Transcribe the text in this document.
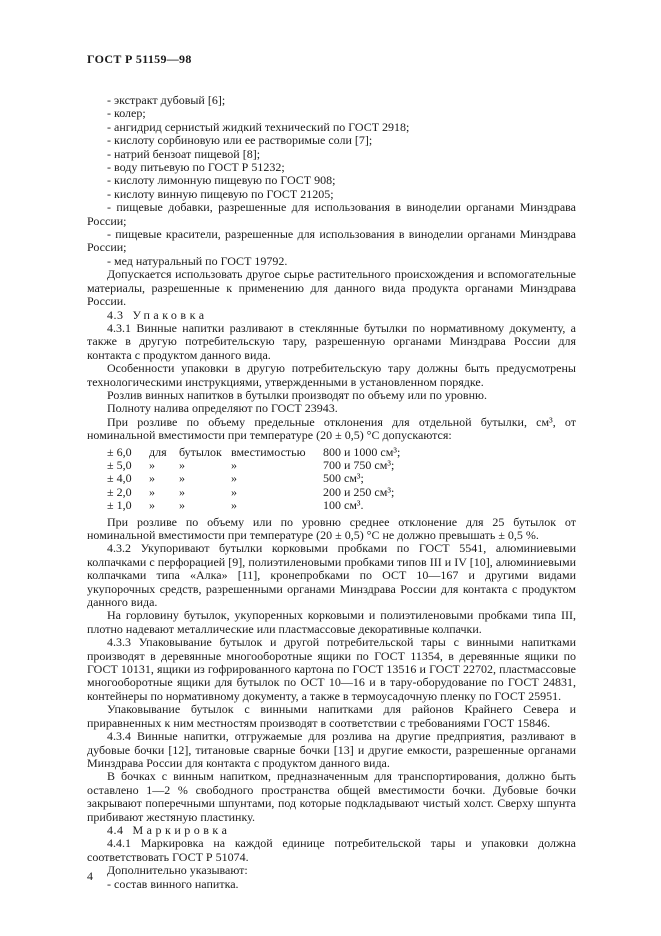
ГОСТ Р 51159—98

- экстракт дубовый [6];

- колер;

- ангидрид сернистый жидкий технический по ГОСТ 2918;

- кислоту сорбиновую или ее растворимые соли [7];

- натрий бензоат пищевой [8];

- воду питьевую по ГОСТ Р 51232;

- кислоту лимонную пищевую по ГОСТ 908;

- кислоту винную пищевую по ГОСТ 21205;

- пищевые добавки, разрешенные для использования в виноделии органами Минздрава России;

- пищевые красители, разрешенные для использования в виноделии органами Минздрава России;

- мед натуральный по ГОСТ 19792.

Допускается использовать другое сырье растительного происхождения и вспомогательные материалы, разрешенные к применению для данного вида продукта органами Минздрава России.

4.3 Упаковка

4.3.1 Винные напитки разливают в стеклянные бутылки по нормативному документу, а также в другую потребительскую тару, разрешенную органами Минздрава России для контакта с продуктом данного вида.

Особенности упаковки в другую потребительскую тару должны быть предусмотрены технологическими инструкциями, утвержденными в установленном порядке.

Розлив винных напитков в бутылки производят по объему или по уровню.

Полноту налива определяют по ГОСТ 23943.

При розливе по объему предельные отклонения для отдельной бутылки, см³, от номинальной вместимости при температуре (20 ± 0,5) °С допускаются:

± 6,0	для	бутылок вместимостью	800 и 1000 см³;
± 5,0	»	»	»	700 и 750 см³;
± 4,0	»	»	»	500 см³;
± 2,0	»	»	»	200 и 250 см³;
± 1,0	»	»	»	100 см³.

При розливе по объему или по уровню среднее отклонение для 25 бутылок от номинальной вместимости при температуре (20 ± 0,5) °С не должно превышать ± 0,5 %.

4.3.2 Укупоривают бутылки корковыми пробками по ГОСТ 5541, алюминиевыми колпачками с перфорацией [9], полиэтиленовыми пробками типов III и IV [10], алюминиевыми колпачками типа «Алка» [11], кронепробками по ОСТ 10—167 и другими видами укупорочных средств, разрешенными органами Минздрава России для контакта с продуктом данного вида.

На горловину бутылок, укупоренных корковыми и полиэтиленовыми пробками типа III, плотно надевают металлические или пластмассовые декоративные колпачки.

4.3.3 Упаковывание бутылок и другой потребительской тары с винными напитками производят в деревянные многооборотные ящики по ГОСТ 11354, в деревянные ящики по ГОСТ 10131, ящики из гофрированного картона по ГОСТ 13516 и ГОСТ 22702, пластмассовые многооборотные ящики для бутылок по ОСТ 10—16 и в тару-оборудование по ГОСТ 24831, контейнеры по нормативному документу, а также в термоусадочную пленку по ГОСТ 25951.

Упаковывание бутылок с винными напитками для районов Крайнего Севера и приравненных к ним местностям производят в соответствии с требованиями ГОСТ 15846.

4.3.4 Винные напитки, отгружаемые для розлива на другие предприятия, разливают в дубовые бочки [12], титановые сварные бочки [13] и другие емкости, разрешенные органами Минздрава России для контакта с продуктом данного вида.

В бочках с винным напитком, предназначенным для транспортирования, должно быть оставлено 1—2 % свободного пространства общей вместимости бочки. Дубовые бочки закрывают поперечными шпунтами, под которые подкладывают чистый холст. Сверху шпунта прибивают жестяную пластинку.

4.4 Маркировка

4.4.1 Маркировка на каждой единице потребительской тары и упаковки должна соответствовать ГОСТ Р 51074.

Дополнительно указывают:

- состав винного напитка.

4
